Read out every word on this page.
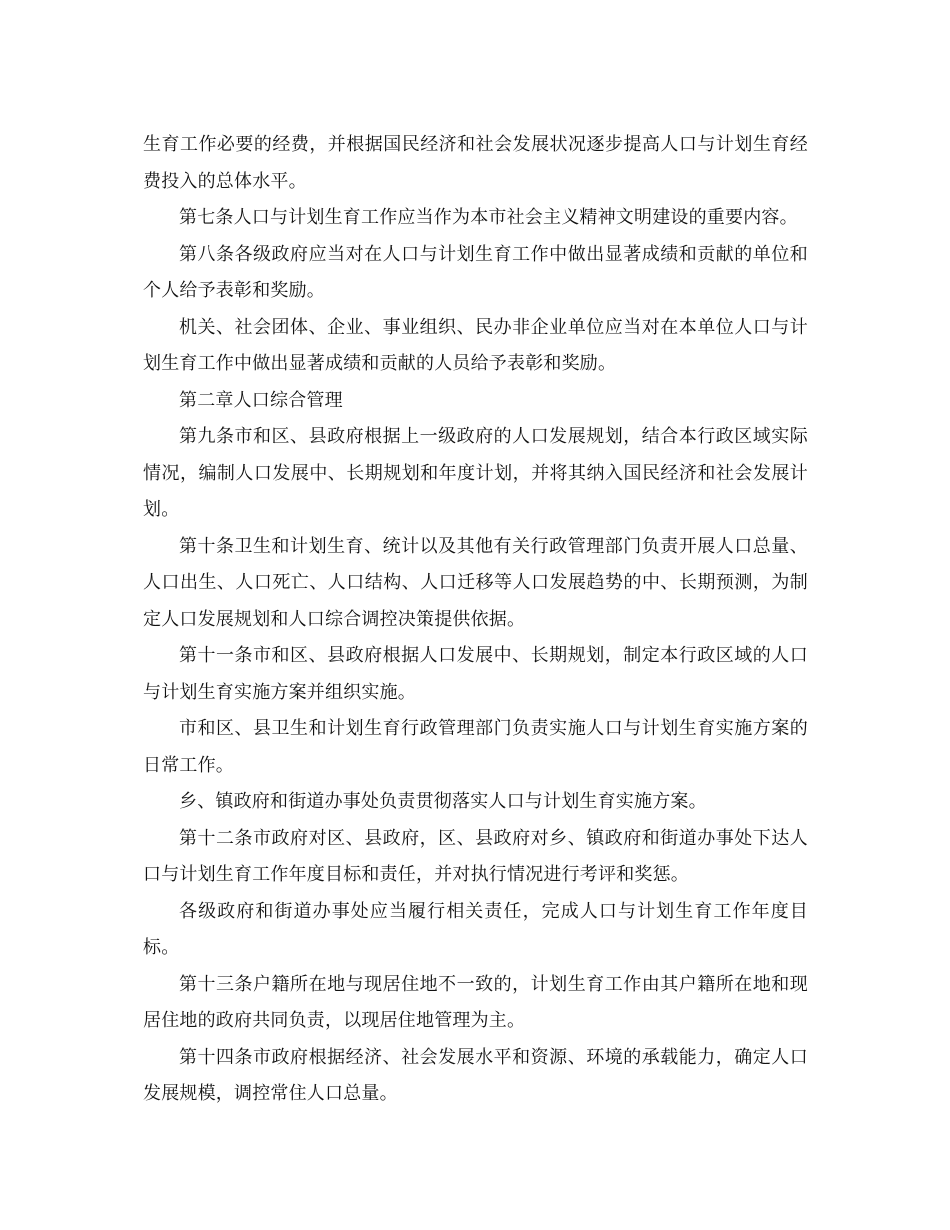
生育工作必要的经费，并根据国民经济和社会发展状况逐步提高人口与计划生育经费投入的总体水平。

第七条人口与计划生育工作应当作为本市社会主义精神文明建设的重要内容。

第八条各级政府应当对在人口与计划生育工作中做出显著成绩和贡献的单位和个人给予表彰和奖励。

机关、社会团体、企业、事业组织、民办非企业单位应当对在本单位人口与计划生育工作中做出显著成绩和贡献的人员给予表彰和奖励。

第二章人口综合管理

第九条市和区、县政府根据上一级政府的人口发展规划，结合本行政区域实际情况，编制人口发展中、长期规划和年度计划，并将其纳入国民经济和社会发展计划。

第十条卫生和计划生育、统计以及其他有关行政管理部门负责开展人口总量、人口出生、人口死亡、人口结构、人口迁移等人口发展趋势的中、长期预测，为制定人口发展规划和人口综合调控决策提供依据。

第十一条市和区、县政府根据人口发展中、长期规划，制定本行政区域的人口与计划生育实施方案并组织实施。

市和区、县卫生和计划生育行政管理部门负责实施人口与计划生育实施方案的日常工作。

乡、镇政府和街道办事处负责贯彻落实人口与计划生育实施方案。

第十二条市政府对区、县政府，区、县政府对乡、镇政府和街道办事处下达人口与计划生育工作年度目标和责任，并对执行情况进行考评和奖惩。

各级政府和街道办事处应当履行相关责任，完成人口与计划生育工作年度目标。

第十三条户籍所在地与现居住地不一致的，计划生育工作由其户籍所在地和现居住地的政府共同负责，以现居住地管理为主。

第十四条市政府根据经济、社会发展水平和资源、环境的承载能力，确定人口发展规模，调控常住人口总量。
